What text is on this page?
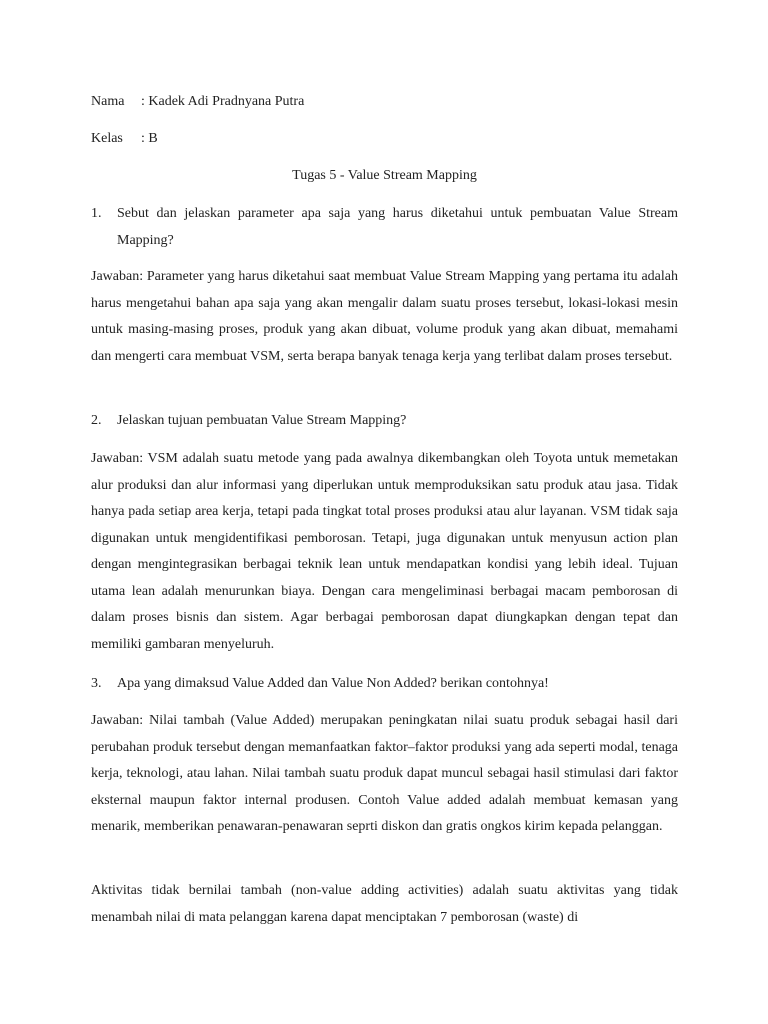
Nama : Kadek Adi Pradnyana Putra
Kelas : B
Tugas 5 - Value Stream Mapping
1.	Sebut dan jelaskan parameter apa saja yang harus diketahui untuk pembuatan Value Stream Mapping?

Jawaban: Parameter yang harus diketahui saat membuat Value Stream Mapping yang pertama itu adalah harus mengetahui bahan apa saja yang akan mengalir dalam suatu proses tersebut, lokasi-lokasi mesin untuk masing-masing proses, produk yang akan dibuat, volume produk yang akan dibuat, memahami dan mengerti cara membuat VSM, serta berapa banyak tenaga kerja yang terlibat dalam proses tersebut.

2.	Jelaskan tujuan pembuatan Value Stream Mapping?

Jawaban: VSM adalah suatu metode yang pada awalnya dikembangkan oleh Toyota untuk memetakan alur produksi dan alur informasi yang diperlukan untuk memproduksikan satu produk atau jasa. Tidak hanya pada setiap area kerja, tetapi pada tingkat total proses produksi atau alur layanan. VSM tidak saja digunakan untuk mengidentifikasi pemborosan. Tetapi, juga digunakan untuk menyusun action plan dengan mengintegrasikan berbagai teknik lean untuk mendapatkan kondisi yang lebih ideal. Tujuan utama lean adalah menurunkan biaya. Dengan cara mengeliminasi berbagai macam pemborosan di dalam proses bisnis dan sistem. Agar berbagai pemborosan dapat diungkapkan dengan tepat dan memiliki gambaran menyeluruh.

3.	Apa yang dimaksud Value Added dan Value Non Added? berikan contohnya!

Jawaban: Nilai tambah (Value Added) merupakan peningkatan nilai suatu produk sebagai hasil dari perubahan produk tersebut dengan memanfaatkan faktor–faktor produksi yang ada seperti modal, tenaga kerja, teknologi, atau lahan. Nilai tambah suatu produk dapat muncul sebagai hasil stimulasi dari faktor eksternal maupun faktor internal produsen. Contoh Value added adalah membuat kemasan yang menarik, memberikan penawaran-penawaran seprti diskon dan gratis ongkos kirim kepada pelanggan.

Aktivitas tidak bernilai tambah (non-value adding activities) adalah suatu aktivitas yang tidak menambah nilai di mata pelanggan karena dapat menciptakan 7 pemborosan (waste) di
